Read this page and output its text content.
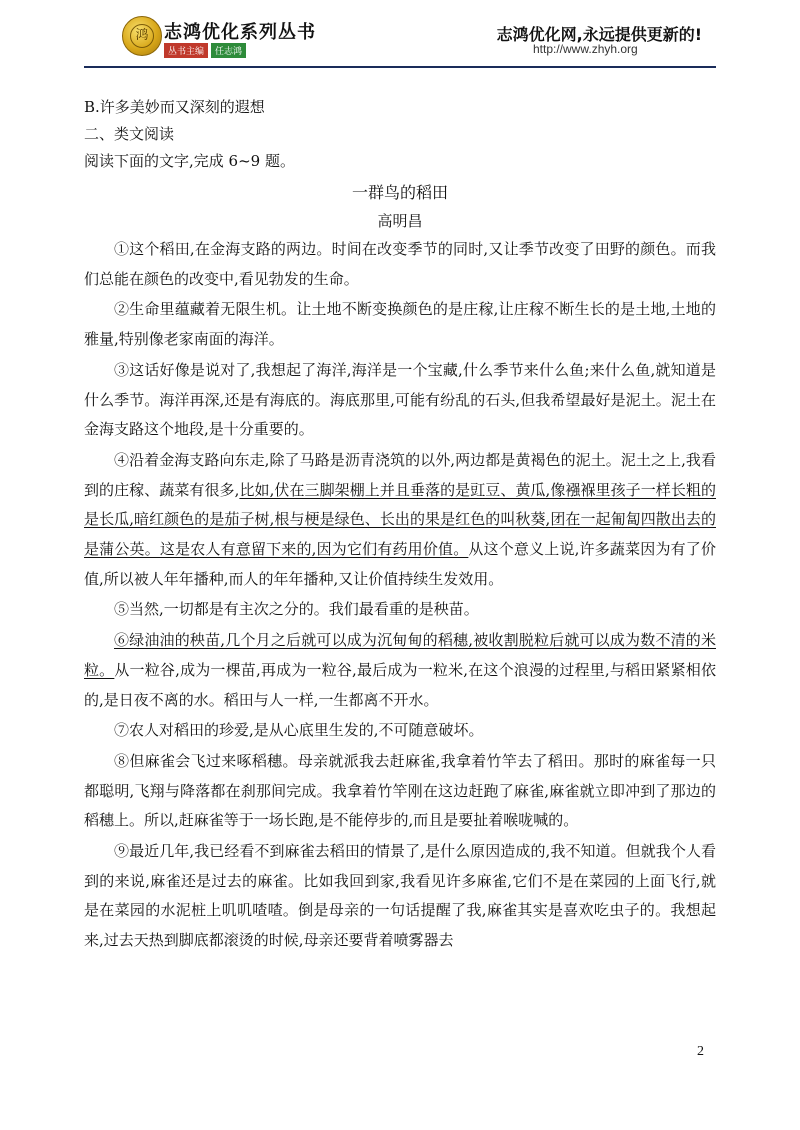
鸿 志鸿优化系列丛书
丛书主编	任志鸿
志鸿优化网,永远提供更新的!
http://www.zhyh.org
B.许多美妙而又深刻的遐想
二、类文阅读
阅读下面的文字,完成 6~9 题。
一群鸟的稻田
高明昌

①这个稻田,在金海支路的两边。时间在改变季节的同时,又让季节改变了田野的颜色。而我们总能在颜色的改变中,看见勃发的生命。

②生命里蕴藏着无限生机。让土地不断变换颜色的是庄稼,让庄稼不断生长的是土地,土地的雅量,特别像老家南面的海洋。

③这话好像是说对了,我想起了海洋,海洋是一个宝藏,什么季节来什么鱼;来什么鱼,就知道是什么季节。海洋再深,还是有海底的。海底那里,可能有纷乱的石头,但我希望最好是泥土。泥土在金海支路这个地段,是十分重要的。

④沿着金海支路向东走,除了马路是沥青浇筑的以外,两边都是黄褐色的泥土。泥土之上,我看到的庄稼、蔬菜有很多,比如,伏在三脚架棚上并且垂落的是豇豆、黄瓜,像襁褓里孩子一样长粗的是长瓜,暗红颜色的是茄子树,根与梗是绿色、长出的果是红色的叫秋葵,团在一起匍匐四散出去的是蒲公英。这是农人有意留下来的,因为它们有药用价值。从这个意义上说,许多蔬菜因为有了价值,所以被人年年播种,而人的年年播种,又让价值持续生发效用。

⑤当然,一切都是有主次之分的。我们最看重的是秧苗。

⑥绿油油的秧苗,几个月之后就可以成为沉甸甸的稻穗,被收割脱粒后就可以成为数不清的米粒。从一粒谷,成为一棵苗,再成为一粒谷,最后成为一粒米,在这个浪漫的过程里,与稻田紧紧相依的,是日夜不离的水。稻田与人一样,一生都离不开水。

⑦农人对稻田的珍爱,是从心底里生发的,不可随意破坏。

⑧但麻雀会飞过来啄稻穗。母亲就派我去赶麻雀,我拿着竹竿去了稻田。那时的麻雀每一只都聪明,飞翔与降落都在刹那间完成。我拿着竹竿刚在这边赶跑了麻雀,麻雀就立即冲到了那边的稻穗上。所以,赶麻雀等于一场长跑,是不能停步的,而且是要扯着喉咙喊的。

⑨最近几年,我已经看不到麻雀去稻田的情景了,是什么原因造成的,我不知道。但就我个人看到的来说,麻雀还是过去的麻雀。比如我回到家,我看见许多麻雀,它们不是在菜园的上面飞行,就是在菜园的水泥桩上叽叽喳喳。倒是母亲的一句话提醒了我,麻雀其实是喜欢吃虫子的。我想起来,过去天热到脚底都滚烫的时候,母亲还要背着喷雾器去

2
